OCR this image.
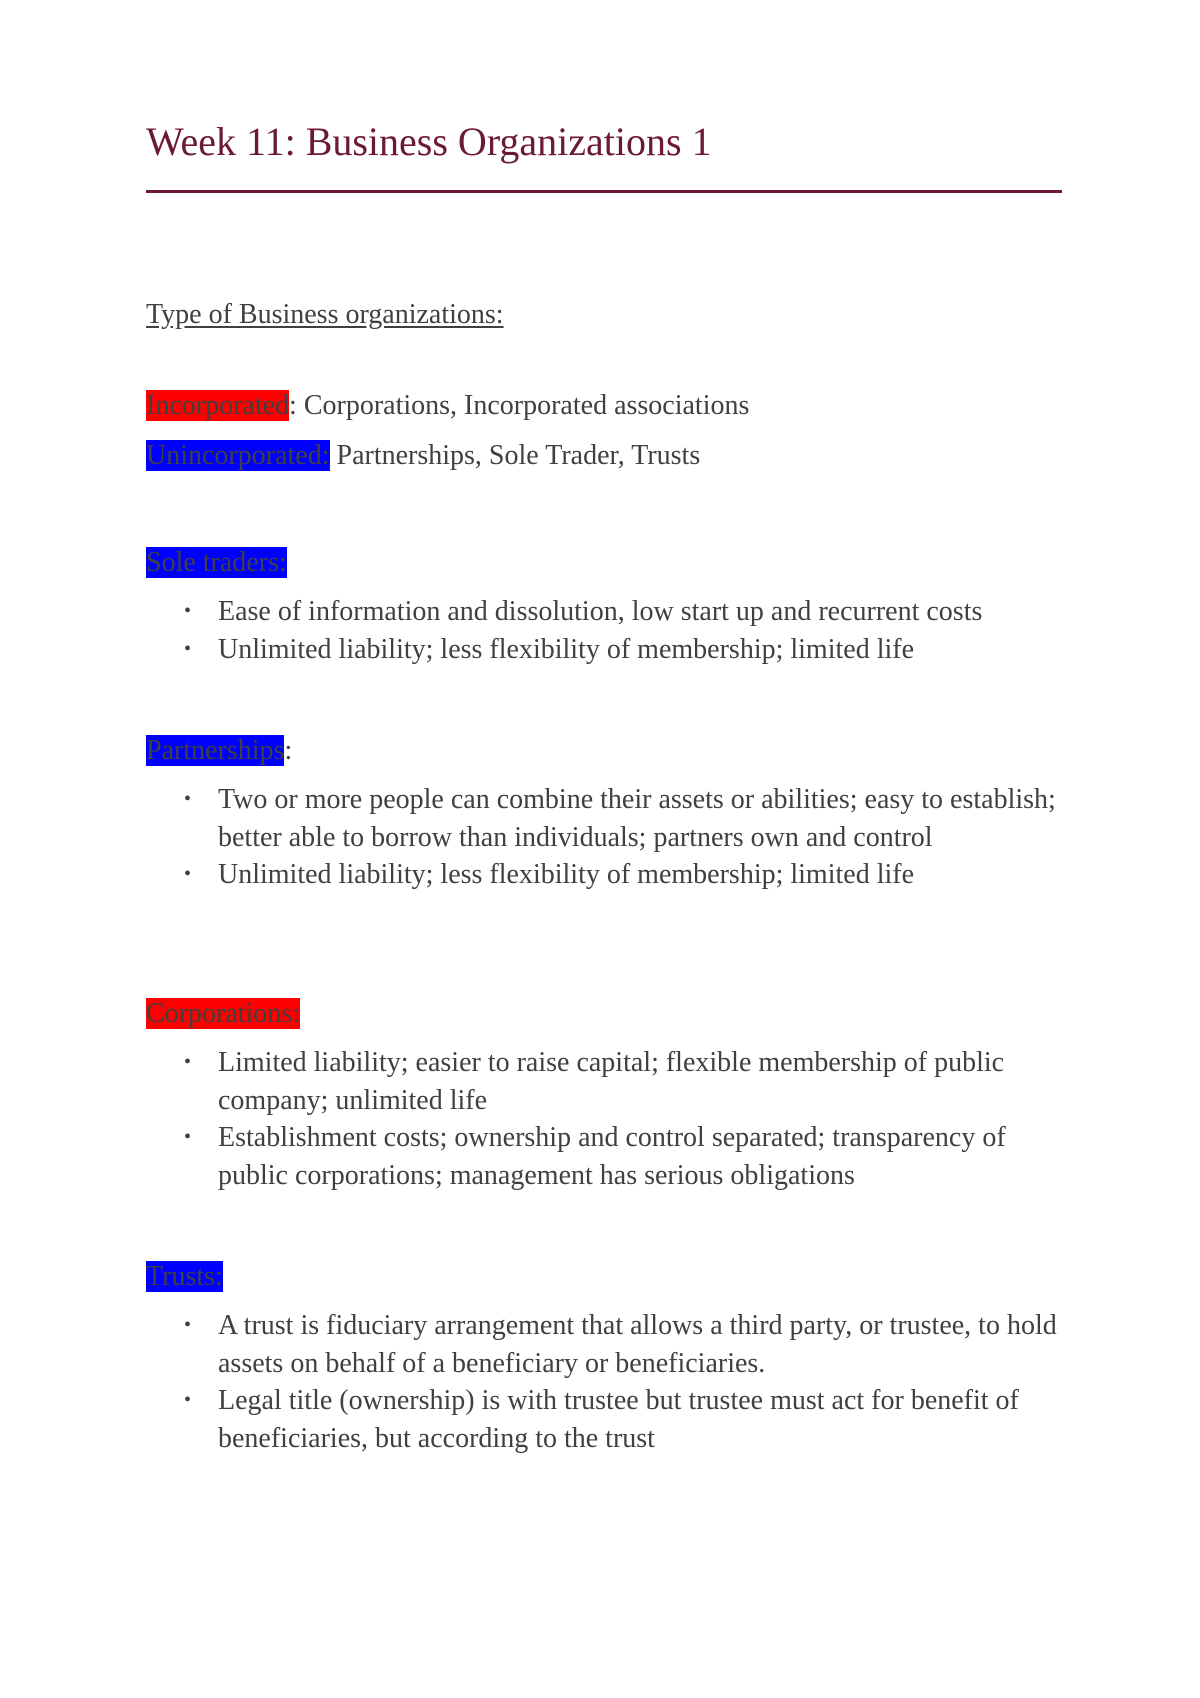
Week 11: Business Organizations 1
Type of Business organizations:
Incorporated: Corporations, Incorporated associations
Unincorporated: Partnerships, Sole Trader, Trusts
Sole traders:
• Ease of information and dissolution, low start up and recurrent costs
• Unlimited liability; less flexibility of membership; limited life
Partnerships:
• Two or more people can combine their assets or abilities; easy to establish; better able to borrow than individuals; partners own and control
• Unlimited liability; less flexibility of membership; limited life
Corporations:
• Limited liability; easier to raise capital; flexible membership of public company; unlimited life
• Establishment costs; ownership and control separated; transparency of public corporations; management has serious obligations
Trusts:
• A trust is fiduciary arrangement that allows a third party, or trustee, to hold assets on behalf of a beneficiary or beneficiaries.
• Legal title (ownership) is with trustee but trustee must act for benefit of beneficiaries, but according to the trust
